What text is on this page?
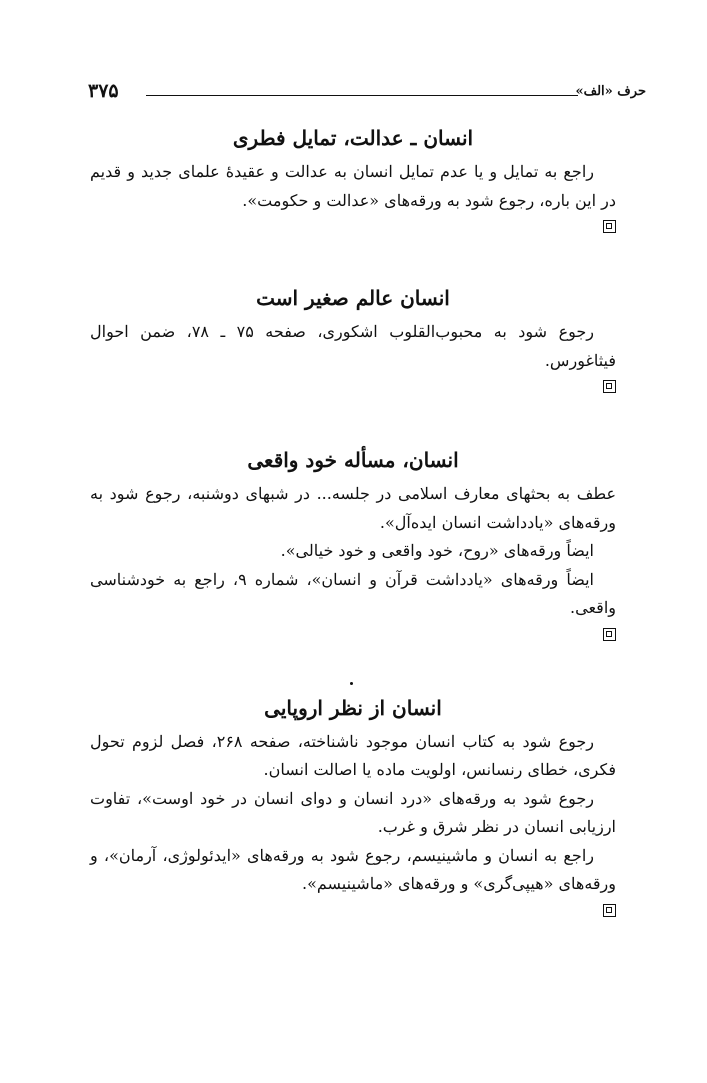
حرف «الف»
۳۷۵
انسان ـ عدالت، تمایل فطری

راجع به تمایل و یا عدم تمایل انسان به عدالت و عقیدهٔ علمای جدید و قدیم در این باره، رجوع شود به ورقه‌های «عدالت و حکومت».

انسان عالم صغیر است

رجوع شود به محبوب‌القلوب اشکوری، صفحه ۷۵ ـ ۷۸، ضمن احوال فیثاغورس.

انسان، مسأله خود واقعی

عطف به بحثهای معارف اسلامی در جلسه... در شبهای دوشنبه، رجوع شود به ورقه‌های «یادداشت انسان ایده‌آل».

ایضاً ورقه‌های «روح، خود واقعی و خود خیالی».

ایضاً ورقه‌های «یادداشت قرآن و انسان»، شماره ۹، راجع به خودشناسی واقعی.

انسان از نظر اروپایی

رجوع شود به کتاب انسان موجود ناشناخته، صفحه ۲۶۸، فصل لزوم تحول فکری، خطای رنسانس، اولویت ماده یا اصالت انسان.

رجوع شود به ورقه‌های «درد انسان و دوای انسان در خود اوست»، تفاوت ارزیابی انسان در نظر شرق و غرب.

راجع به انسان و ماشینیسم، رجوع شود به ورقه‌های «ایدئولوژی، آرمان»، و ورقه‌های «هیپی‌گری» و ورقه‌های «ماشینیسم».
